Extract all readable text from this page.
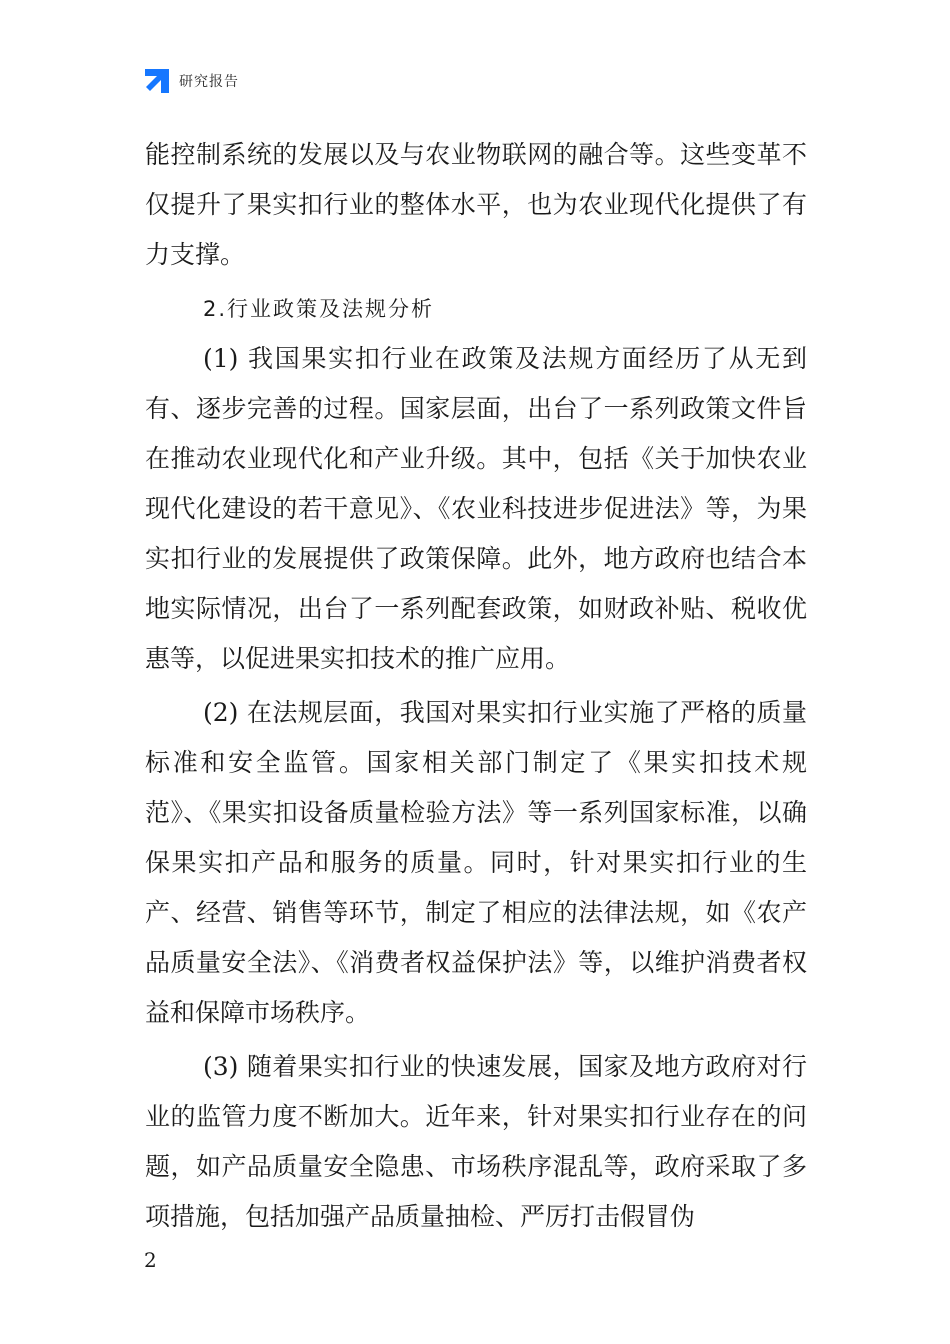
研究报告

能控制系统的发展以及与农业物联网的融合等。这些变革不仅提升了果实扣行业的整体水平，也为农业现代化提供了有力支撑。

2.行业政策及法规分析

(1) 我国果实扣行业在政策及法规方面经历了从无到有、逐步完善的过程。国家层面，出台了一系列政策文件旨在推动农业现代化和产业升级。其中，包括《关于加快农业现代化建设的若干意见》、《农业科技进步促进法》等，为果实扣行业的发展提供了政策保障。此外，地方政府也结合本地实际情况，出台了一系列配套政策，如财政补贴、税收优惠等，以促进果实扣技术的推广应用。

(2) 在法规层面，我国对果实扣行业实施了严格的质量标准和安全监管。国家相关部门制定了《果实扣技术规范》、《果实扣设备质量检验方法》等一系列国家标准，以确保果实扣产品和服务的质量。同时，针对果实扣行业的生产、经营、销售等环节，制定了相应的法律法规，如《农产品质量安全法》、《消费者权益保护法》等，以维护消费者权益和保障市场秩序。

(3) 随着果实扣行业的快速发展，国家及地方政府对行业的监管力度不断加大。近年来，针对果实扣行业存在的问题，如产品质量安全隐患、市场秩序混乱等，政府采取了多项措施，包括加强产品质量抽检、严厉打击假冒伪

2
